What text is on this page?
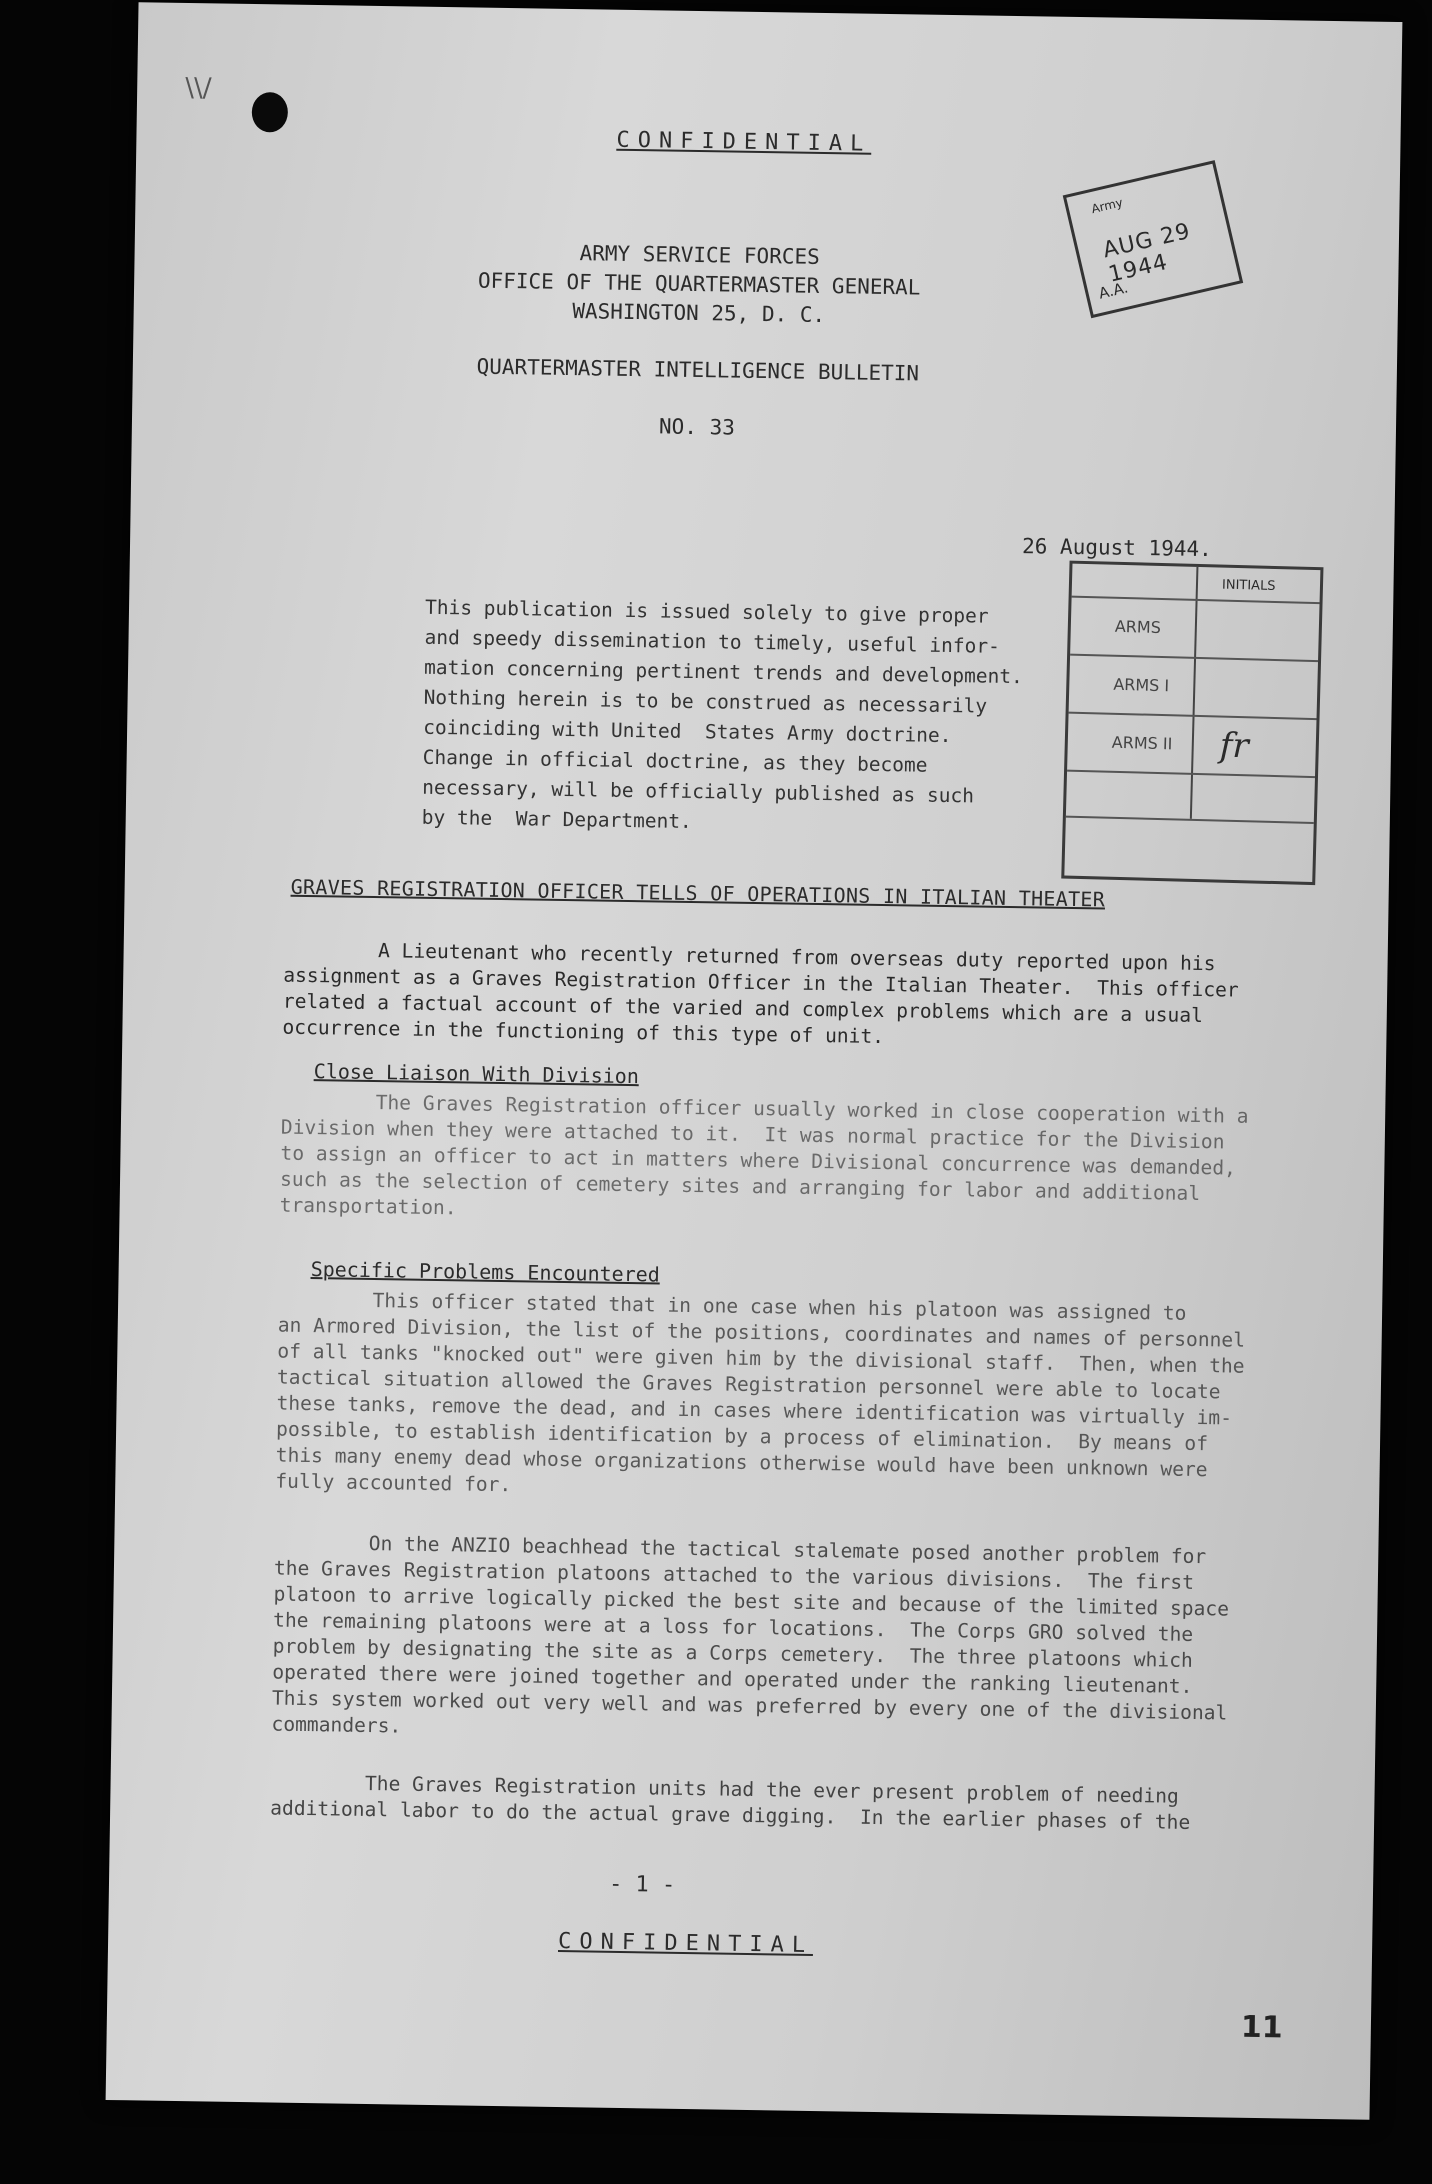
\\/
CONFIDENTIAL
ARMY SERVICE FORCES
OFFICE OF THE QUARTERMASTER GENERAL
WASHINGTON 25, D. C.
QUARTERMASTER INTELLIGENCE BULLETIN
NO. 33
Army
AUG 29 1944
A.A.
26 August 1944.
This publication is issued solely to give proper
and speedy dissemination to timely, useful infor-
mation concerning pertinent trends and development.
Nothing herein is to be construed as necessarily
coinciding with United  States Army doctrine.
Change in official doctrine, as they become
necessary, will be officially published as such
by the  War Department.
INITIALS
ARMS
ARMS I
ARMS II fr
GRAVES REGISTRATION OFFICER TELLS OF OPERATIONS IN ITALIAN THEATER
A Lieutenant who recently returned from overseas duty reported upon his
assignment as a Graves Registration Officer in the Italian Theater.  This officer
related a factual account of the varied and complex problems which are a usual
occurrence in the functioning of this type of unit.
Close Liaison With Division
The Graves Registration officer usually worked in close cooperation with a
Division when they were attached to it.  It was normal practice for the Division
to assign an officer to act in matters where Divisional concurrence was demanded,
such as the selection of cemetery sites and arranging for labor and additional
transportation.
Specific Problems Encountered
This officer stated that in one case when his platoon was assigned to
an Armored Division, the list of the positions, coordinates and names of personnel
of all tanks "knocked out" were given him by the divisional staff.  Then, when the
tactical situation allowed the Graves Registration personnel were able to locate
these tanks, remove the dead, and in cases where identification was virtually im-
possible, to establish identification by a process of elimination.  By means of
this many enemy dead whose organizations otherwise would have been unknown were
fully accounted for.
On the ANZIO beachhead the tactical stalemate posed another problem for
the Graves Registration platoons attached to the various divisions.  The first
platoon to arrive logically picked the best site and because of the limited space
the remaining platoons were at a loss for locations.  The Corps GRO solved the
problem by designating the site as a Corps cemetery.  The three platoons which
operated there were joined together and operated under the ranking lieutenant.
This system worked out very well and was preferred by every one of the divisional
commanders.
The Graves Registration units had the ever present problem of needing
additional labor to do the actual grave digging.  In the earlier phases of the
- 1 -
CONFIDENTIAL
11
